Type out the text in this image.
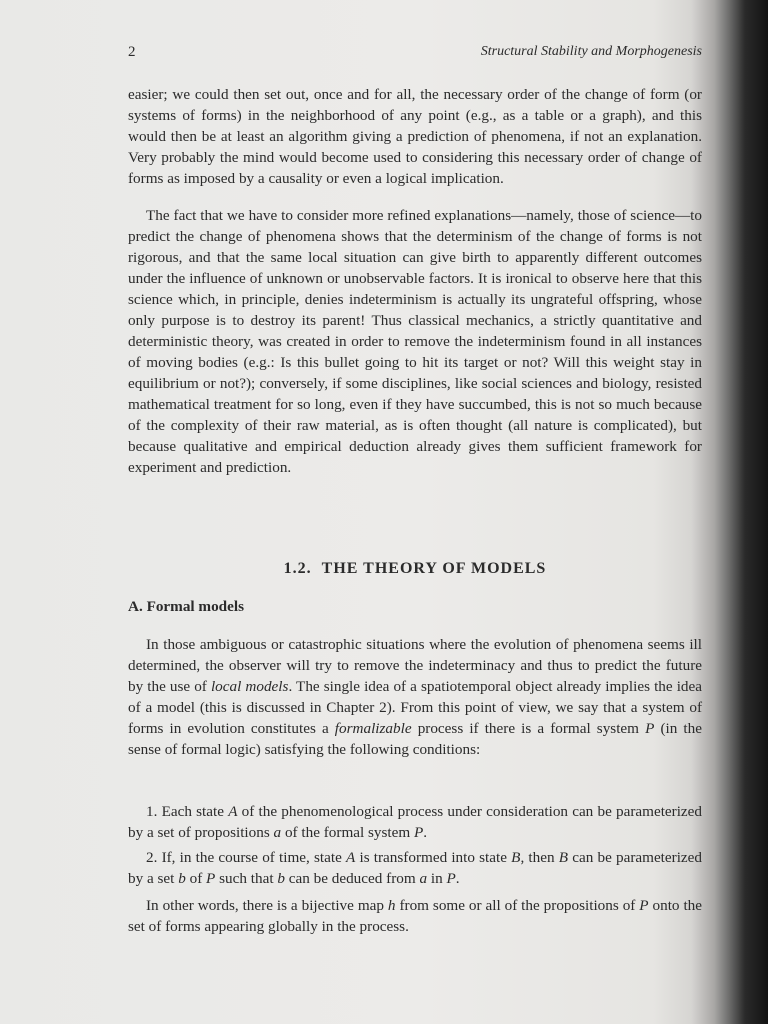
2	Structural Stability and Morphogenesis

easier; we could then set out, once and for all, the necessary order of the change of form (or systems of forms) in the neighborhood of any point (e.g., as a table or a graph), and this would then be at least an algorithm giving a prediction of phenomena, if not an explanation. Very probably the mind would become used to considering this necessary order of change of forms as imposed by a causality or even a logical implication.

The fact that we have to consider more refined explanations—namely, those of science—to predict the change of phenomena shows that the determinism of the change of forms is not rigorous, and that the same local situation can give birth to apparently different outcomes under the influence of unknown or unobservable factors. It is ironical to observe here that this science which, in principle, denies indeterminism is actually its ungrateful offspring, whose only purpose is to destroy its parent! Thus classical mechanics, a strictly quantitative and deterministic theory, was created in order to remove the indeterminism found in all instances of moving bodies (e.g.: Is this bullet going to hit its target or not? Will this weight stay in equilibrium or not?); conversely, if some disciplines, like social sciences and biology, resisted mathematical treatment for so long, even if they have succumbed, this is not so much because of the complexity of their raw material, as is often thought (all nature is complicated), but because qualitative and empirical deduction already gives them sufficient framework for experiment and prediction.

1.2. THE THEORY OF MODELS
A. Formal models

In those ambiguous or catastrophic situations where the evolution of phenomena seems ill determined, the observer will try to remove the indeterminacy and thus to predict the future by the use of local models. The single idea of a spatiotemporal object already implies the idea of a model (this is discussed in Chapter 2). From this point of view, we say that a system of forms in evolution constitutes a formalizable process if there is a formal system P (in the sense of formal logic) satisfying the following conditions:

1. Each state A of the phenomenological process under consideration can be parameterized by a set of propositions a of the formal system P.

2. If, in the course of time, state A is transformed into state B, then B can be parameterized by a set b of P such that b can be deduced from a in P.

In other words, there is a bijective map h from some or all of the propositions of P onto the set of forms appearing globally in the process.
